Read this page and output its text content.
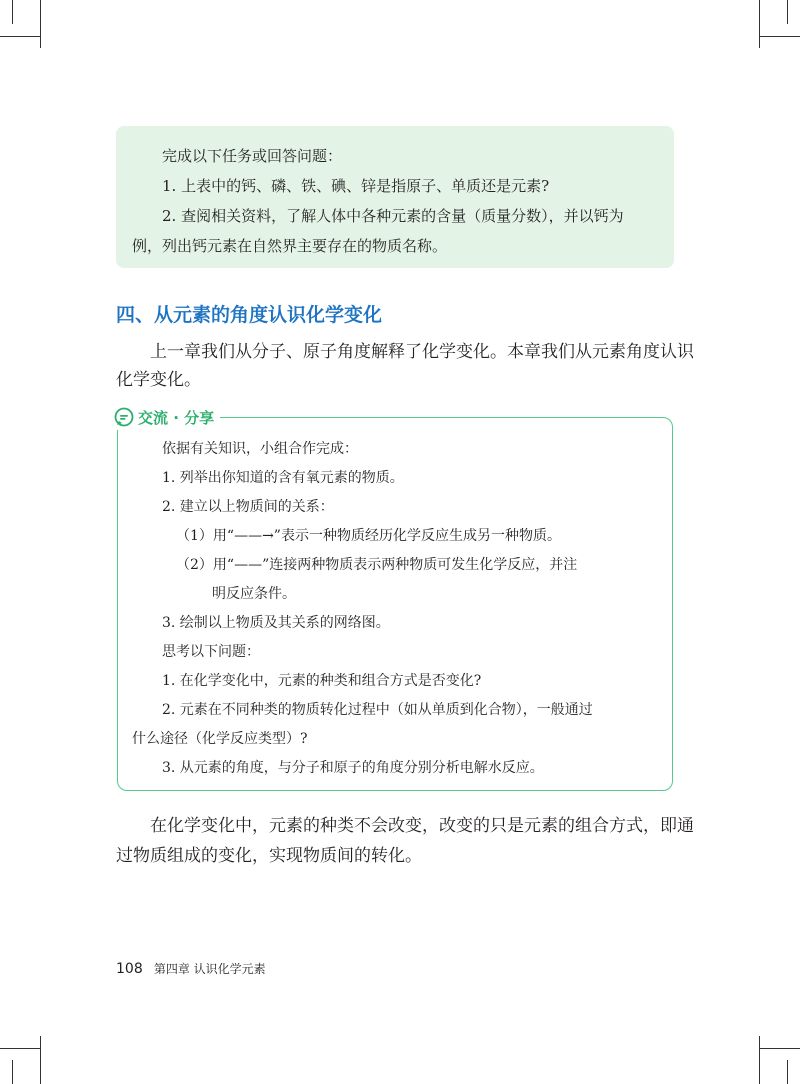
完成以下任务或回答问题：
1. 上表中的钙、磷、铁、碘、锌是指原子、单质还是元素?
2. 查阅相关资料，了解人体中各种元素的含量（质量分数），并以钙为
例，列出钙元素在自然界主要存在的物质名称。
四、从元素的角度认识化学变化
上一章我们从分子、原子角度解释了化学变化。本章我们从元素角度认识
化学变化。
交流 · 分享
依据有关知识，小组合作完成：
1. 列举出你知道的含有氧元素的物质。
2. 建立以上物质间的关系：
（1）用“——→”表示一种物质经历化学反应生成另一种物质。
（2）用“——”连接两种物质表示两种物质可发生化学反应，并注
明反应条件。
3. 绘制以上物质及其关系的网络图。
思考以下问题：
1. 在化学变化中，元素的种类和组合方式是否变化?
2. 元素在不同种类的物质转化过程中（如从单质到化合物），一般通过
什么途径（化学反应类型）?
3. 从元素的角度，与分子和原子的角度分别分析电解水反应。
在化学变化中，元素的种类不会改变，改变的只是元素的组合方式，即通
过物质组成的变化，实现物质间的转化。
108 第四章 认识化学元素
